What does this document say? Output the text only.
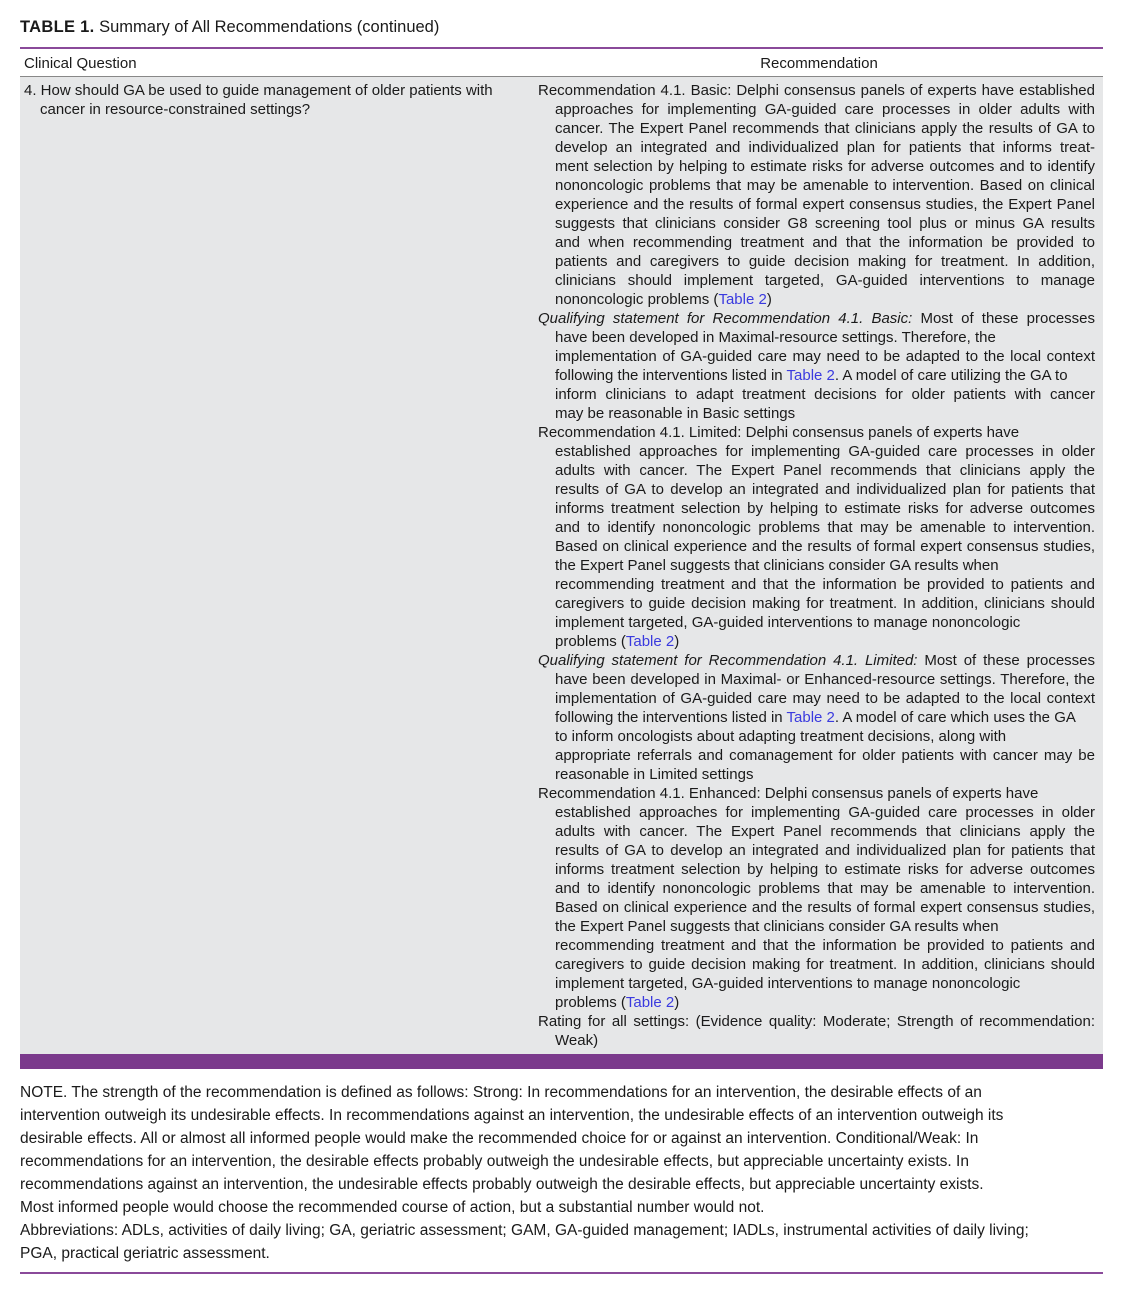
TABLE 1. Summary of All Recommendations (continued)
Clinical Question	Recommendation
4. How should GA be used to guide management of older patients with
cancer in resource-constrained settings?
Recommendation 4.1. Basic: Delphi consensus panels of experts have established
approaches for implementing GA-guided care processes in older adults with
cancer. The Expert Panel recommends that clinicians apply the results of GA to
develop an integrated and individualized plan for patients that informs treat-
ment selection by helping to estimate risks for adverse outcomes and to identify
nononcologic problems that may be amenable to intervention. Based on clinical
experience and the results of formal expert consensus studies, the Expert Panel
suggests that clinicians consider G8 screening tool plus or minus GA results
and when recommending treatment and that the information be provided to
patients and caregivers to guide decision making for treatment. In addition,
clinicians should implement targeted, GA-guided interventions to manage
nononcologic problems (Table 2)
Qualifying statement for Recommendation 4.1. Basic: Most of these processes
have been developed in Maximal-resource settings. Therefore, the
implementation of GA-guided care may need to be adapted to the local context
following the interventions listed in Table 2. A model of care utilizing the GA to
inform clinicians to adapt treatment decisions for older patients with cancer
may be reasonable in Basic settings
Recommendation 4.1. Limited: Delphi consensus panels of experts have
established approaches for implementing GA-guided care processes in older
adults with cancer. The Expert Panel recommends that clinicians apply the
results of GA to develop an integrated and individualized plan for patients that
informs treatment selection by helping to estimate risks for adverse outcomes
and to identify nononcologic problems that may be amenable to intervention.
Based on clinical experience and the results of formal expert consensus studies,
the Expert Panel suggests that clinicians consider GA results when
recommending treatment and that the information be provided to patients and
caregivers to guide decision making for treatment. In addition, clinicians should
implement targeted, GA-guided interventions to manage nononcologic
problems (Table 2)
Qualifying statement for Recommendation 4.1. Limited: Most of these processes
have been developed in Maximal- or Enhanced-resource settings. Therefore, the
implementation of GA-guided care may need to be adapted to the local context
following the interventions listed in Table 2. A model of care which uses the GA
to inform oncologists about adapting treatment decisions, along with
appropriate referrals and comanagement for older patients with cancer may be
reasonable in Limited settings
Recommendation 4.1. Enhanced: Delphi consensus panels of experts have
established approaches for implementing GA-guided care processes in older
adults with cancer. The Expert Panel recommends that clinicians apply the
results of GA to develop an integrated and individualized plan for patients that
informs treatment selection by helping to estimate risks for adverse outcomes
and to identify nononcologic problems that may be amenable to intervention.
Based on clinical experience and the results of formal expert consensus studies,
the Expert Panel suggests that clinicians consider GA results when
recommending treatment and that the information be provided to patients and
caregivers to guide decision making for treatment. In addition, clinicians should
implement targeted, GA-guided interventions to manage nononcologic
problems (Table 2)
Rating for all settings: (Evidence quality: Moderate; Strength of recommendation:
Weak)
NOTE. The strength of the recommendation is defined as follows: Strong: In recommendations for an intervention, the desirable effects of an
intervention outweigh its undesirable effects. In recommendations against an intervention, the undesirable effects of an intervention outweigh its
desirable effects. All or almost all informed people would make the recommended choice for or against an intervention. Conditional/Weak: In
recommendations for an intervention, the desirable effects probably outweigh the undesirable effects, but appreciable uncertainty exists. In
recommendations against an intervention, the undesirable effects probably outweigh the desirable effects, but appreciable uncertainty exists.
Most informed people would choose the recommended course of action, but a substantial number would not.
Abbreviations: ADLs, activities of daily living; GA, geriatric assessment; GAM, GA-guided management; IADLs, instrumental activities of daily living;
PGA, practical geriatric assessment.
